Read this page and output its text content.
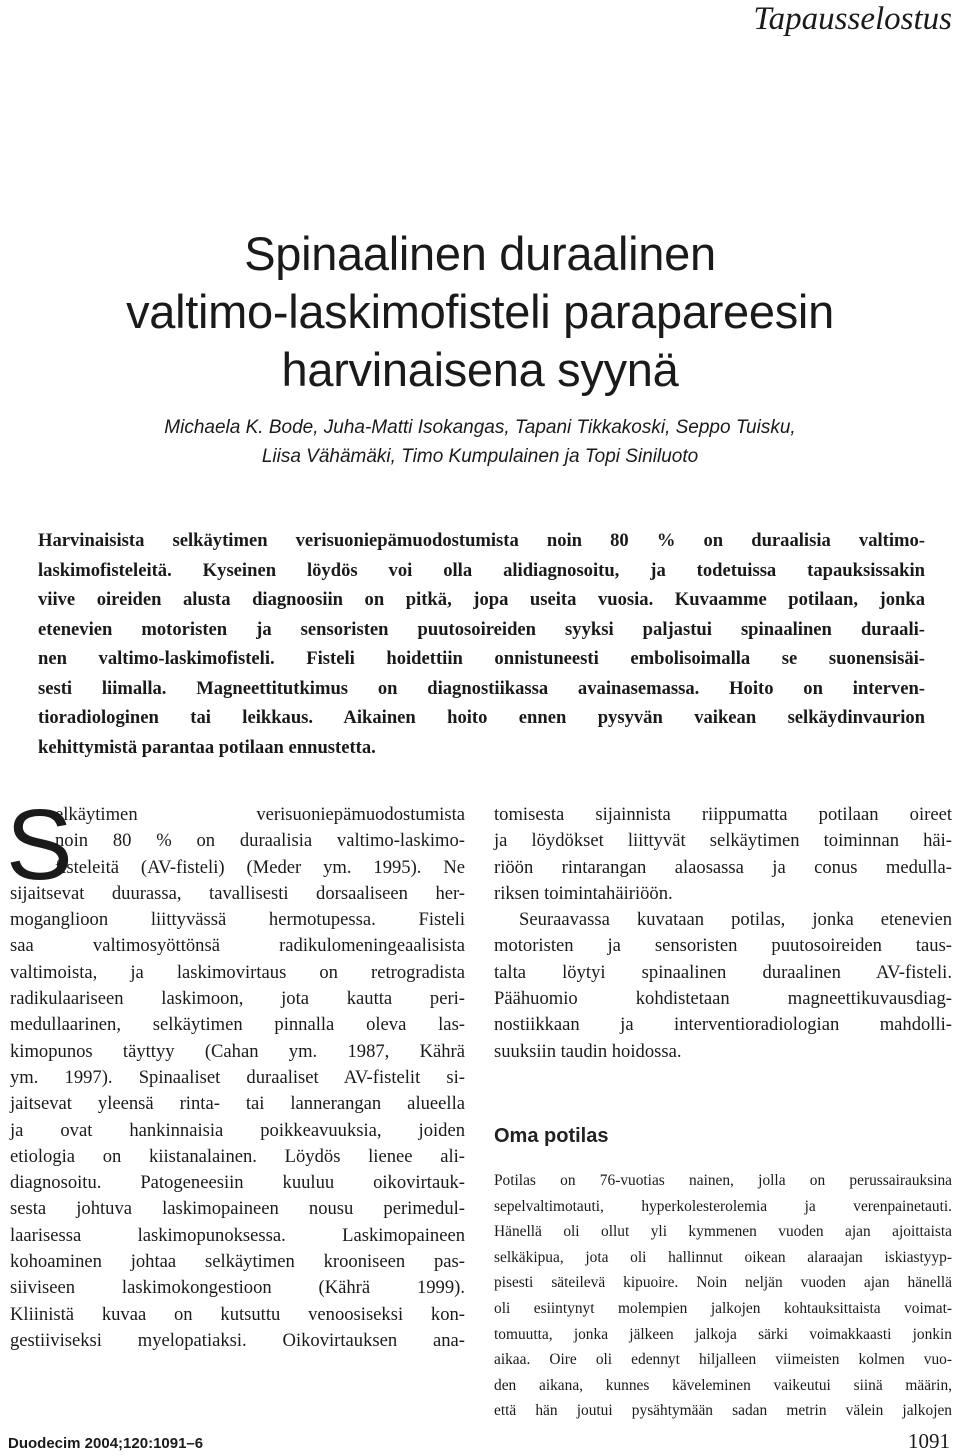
Tapausselostus
Spinaalinen duraalinen
valtimo-laskimofisteli parapareesin
harvinaisena syynä
Michaela K. Bode, Juha-Matti Isokangas, Tapani Tikkakoski, Seppo Tuisku,
Liisa Vähämäki, Timo Kumpulainen ja Topi Siniluoto
Harvinaisista selkäytimen verisuoniepämuodostumista noin 80 % on duraalisia valtimo-
laskimofisteleitä. Kyseinen löydös voi olla alidiagnosoitu, ja todetuissa tapauksissakin
viive oireiden alusta diagnoosiin on pitkä, jopa useita vuosia. Kuvaamme potilaan, jonka
etenevien motoristen ja sensoristen puutosoireiden syyksi paljastui spinaalinen duraali-
nen valtimo-laskimofisteli. Fisteli hoidettiin onnistuneesti embolisoimalla se suonensisäi-
sesti liimalla. Magneettitutkimus on diagnostiikassa avainasemassa. Hoito on interven-
tioradiologinen tai leikkaus. Aikainen hoito ennen pysyvän vaikean selkäydinvaurion
kehittymistä parantaa potilaan ennustetta.
S
elkäytimen verisuoniepämuodostumista
noin 80 % on duraalisia valtimo-laskimo-
fisteleitä (AV-fisteli) (Meder ym. 1995). Ne
sijaitsevat duurassa, tavallisesti dorsaaliseen her-
moganglioon liittyvässä hermotupessa. Fisteli
saa valtimosyöttönsä radikulomeningeaalisista
valtimoista, ja laskimovirtaus on retrogradista
radikulaariseen laskimoon, jota kautta peri-
medullaarinen, selkäytimen pinnalla oleva las-
kimopunos täyttyy (Cahan ym. 1987, Kährä
ym. 1997). Spinaaliset duraaliset AV-fistelit si-
jaitsevat yleensä rinta- tai lannerangan alueella
ja ovat hankinnaisia poikkeavuuksia, joiden
etiologia on kiistanalainen. Löydös lienee ali-
diagnosoitu. Patogeneesiin kuuluu oikovirtauk-
sesta johtuva laskimopaineen nousu perimedul-
laarisessa laskimopunoksessa. Laskimopaineen
kohoaminen johtaa selkäytimen krooniseen pas-
siiviseen laskimokongestioon (Kährä 1999).
Kliinistä kuvaa on kutsuttu venoosiseksi kon-
gestiiviseksi myelopatiaksi. Oikovirtauksen ana-
tomisesta sijainnista riippumatta potilaan oireet
ja löydökset liittyvät selkäytimen toiminnan häi-
riöön rintarangan alaosassa ja conus medulla-
riksen toimintahäiriöön.
Seuraavassa kuvataan potilas, jonka etenevien
motoristen ja sensoristen puutosoireiden taus-
talta löytyi spinaalinen duraalinen AV-fisteli.
Päähuomio kohdistetaan magneettikuvausdiag-
nostiikkaan ja interventioradiologian mahdolli-
suuksiin taudin hoidossa.
Oma potilas
Potilas on 76-vuotias nainen, jolla on perussairauksina
sepelvaltimotauti, hyperkolesterolemia ja verenpainetauti.
Hänellä oli ollut yli kymmenen vuoden ajan ajoittaista
selkäkipua, jota oli hallinnut oikean alaraajan iskiastyyp-
pisesti säteilevä kipuoire. Noin neljän vuoden ajan hänellä
oli esiintynyt molempien jalkojen kohtauksittaista voimat-
tomuutta, jonka jälkeen jalkoja särki voimakkaasti jonkin
aikaa. Oire oli edennyt hiljalleen viimeisten kolmen vuo-
den aikana, kunnes käveleminen vaikeutui siinä määrin,
että hän joutui pysähtymään sadan metrin välein jalkojen
Duodecim 2004;120:1091–6	1091
